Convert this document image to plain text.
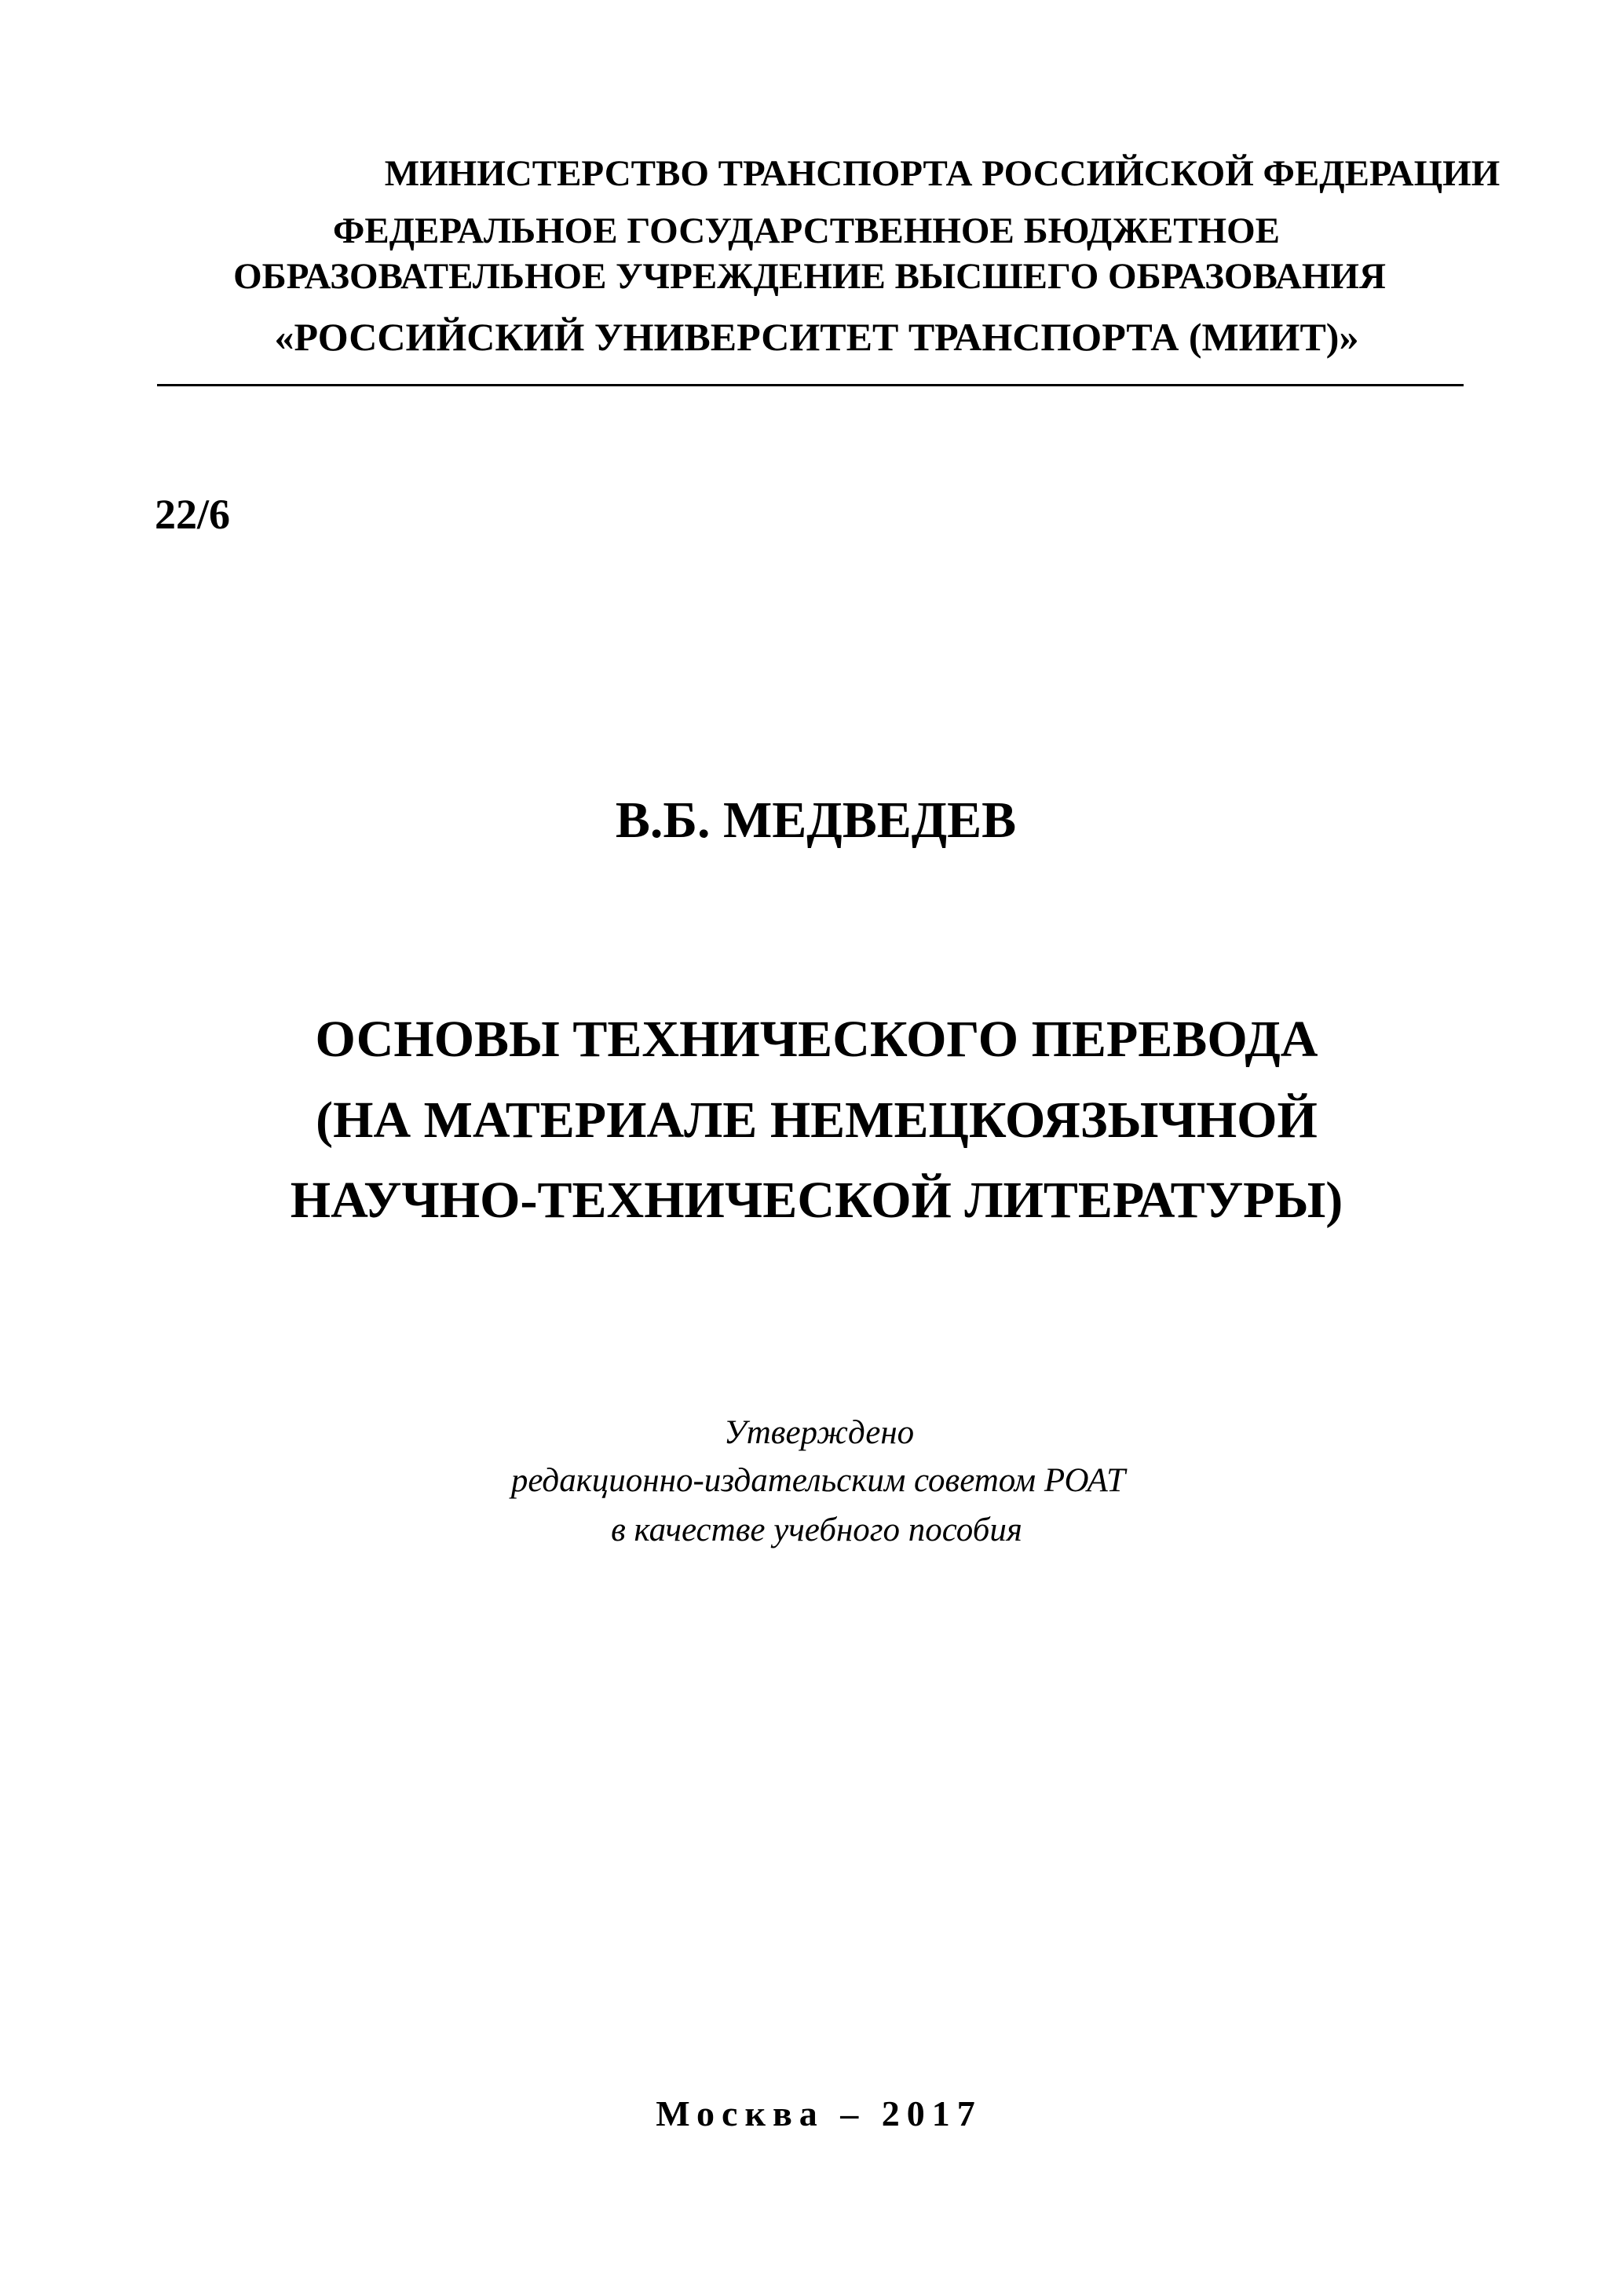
МИНИСТЕРСТВО ТРАНСПОРТА РОССИЙСКОЙ ФЕДЕРАЦИИ
ФЕДЕРАЛЬНОЕ ГОСУДАРСТВЕННОЕ БЮДЖЕТНОЕ
ОБРАЗОВАТЕЛЬНОЕ УЧРЕЖДЕНИЕ ВЫСШЕГО ОБРАЗОВАНИЯ
«РОССИЙСКИЙ УНИВЕРСИТЕТ ТРАНСПОРТА (МИИТ)»
22/6
В.Б. МЕДВЕДЕВ
ОСНОВЫ ТЕХНИЧЕСКОГО ПЕРЕВОДА
(НА МАТЕРИАЛЕ НЕМЕЦКОЯЗЫЧНОЙ
НАУЧНО-ТЕХНИЧЕСКОЙ ЛИТЕРАТУРЫ)
Утверждено
редакционно-издательским советом РОАТ
в качестве учебного пособия
Москва – 2017
